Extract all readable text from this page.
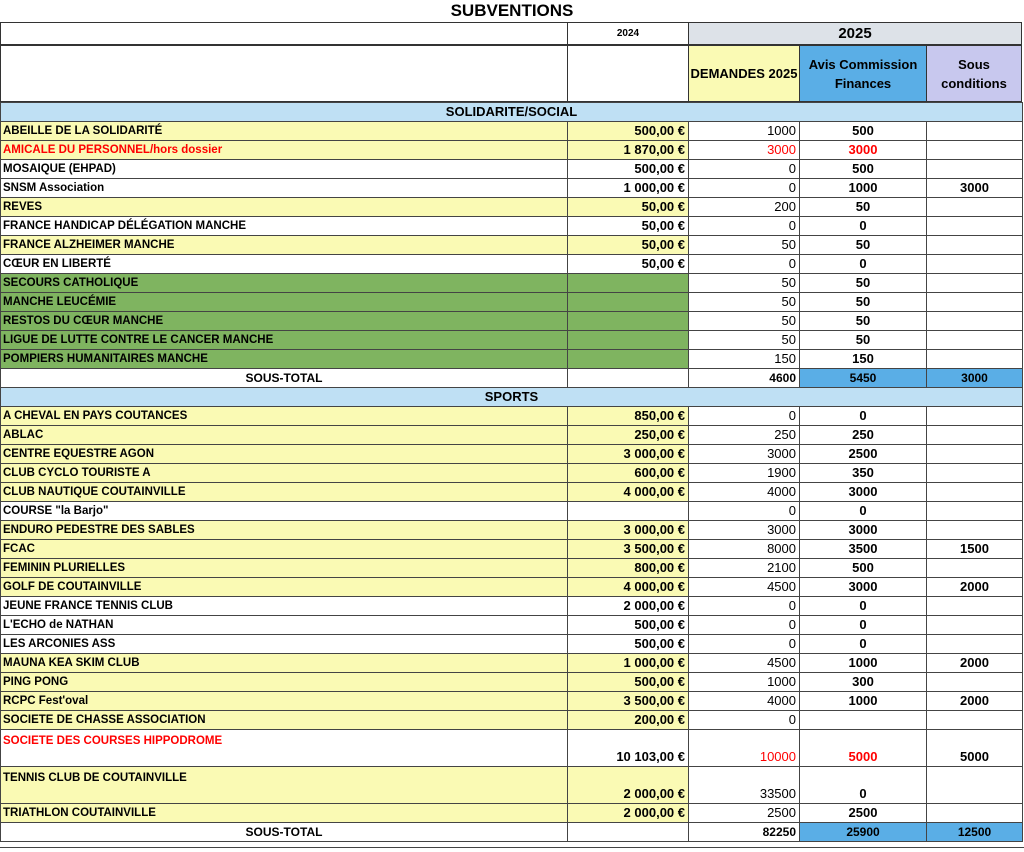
SUBVENTIONS
2024	2025
DEMANDES 2025
Avis Commission Finances
Sous conditions
SOLIDARITE/SOCIAL				
ABEILLE DE LA SOLIDARITÉ	500,00 €	1000	500	
AMICALE DU PERSONNEL/hors dossier	1 870,00 €	3000	3000	
MOSAIQUE (EHPAD)	500,00 €	0	500	
SNSM Association	1 000,00 €	0	1000	3000
REVES	50,00 €	200	50	
FRANCE HANDICAP DÉLÉGATION MANCHE	50,00 €	0	0	
FRANCE ALZHEIMER MANCHE	50,00 €	50	50	
CŒUR EN LIBERTÉ	50,00 €	0	0	
SECOURS CATHOLIQUE		50	50	
MANCHE LEUCÉMIE		50	50	
RESTOS DU CŒUR MANCHE		50	50	
LIGUE DE LUTTE CONTRE LE CANCER MANCHE		50	50	
POMPIERS HUMANITAIRES MANCHE		150	150	
SOUS-TOTAL		4600	5450	3000
SPORTS				
A CHEVAL EN PAYS COUTANCES	850,00 €	0	0	
ABLAC	250,00 €	250	250	
CENTRE EQUESTRE AGON	3 000,00 €	3000	2500	
CLUB CYCLO TOURISTE A	600,00 €	1900	350	
CLUB NAUTIQUE COUTAINVILLE	4 000,00 €	4000	3000	
COURSE "la Barjo"		0	0	
ENDURO PEDESTRE DES SABLES	3 000,00 €	3000	3000	
FCAC	3 500,00 €	8000	3500	1500
FEMININ PLURIELLES	800,00 €	2100	500	
GOLF DE COUTAINVILLE	4 000,00 €	4500	3000	2000
JEUNE FRANCE TENNIS CLUB	2 000,00 €	0	0	
L'ECHO de NATHAN	500,00 €	0	0	
LES ARCONIES ASS	500,00 €	0	0	
MAUNA KEA SKIM CLUB	1 000,00 €	4500	1000	2000
PING PONG	500,00 €	1000	300	
RCPC Fest'oval	3 500,00 €	4000	1000	2000
SOCIETE DE CHASSE ASSOCIATION	200,00 €	0		
SOCIETE DES COURSES HIPPODROME	10 103,00 €	10000	5000	5000
TENNIS CLUB DE COUTAINVILLE	2 000,00 €	33500	0	
TRIATHLON COUTAINVILLE	2 000,00 €	2500	2500	
SOUS-TOTAL		82250	25900	12500
